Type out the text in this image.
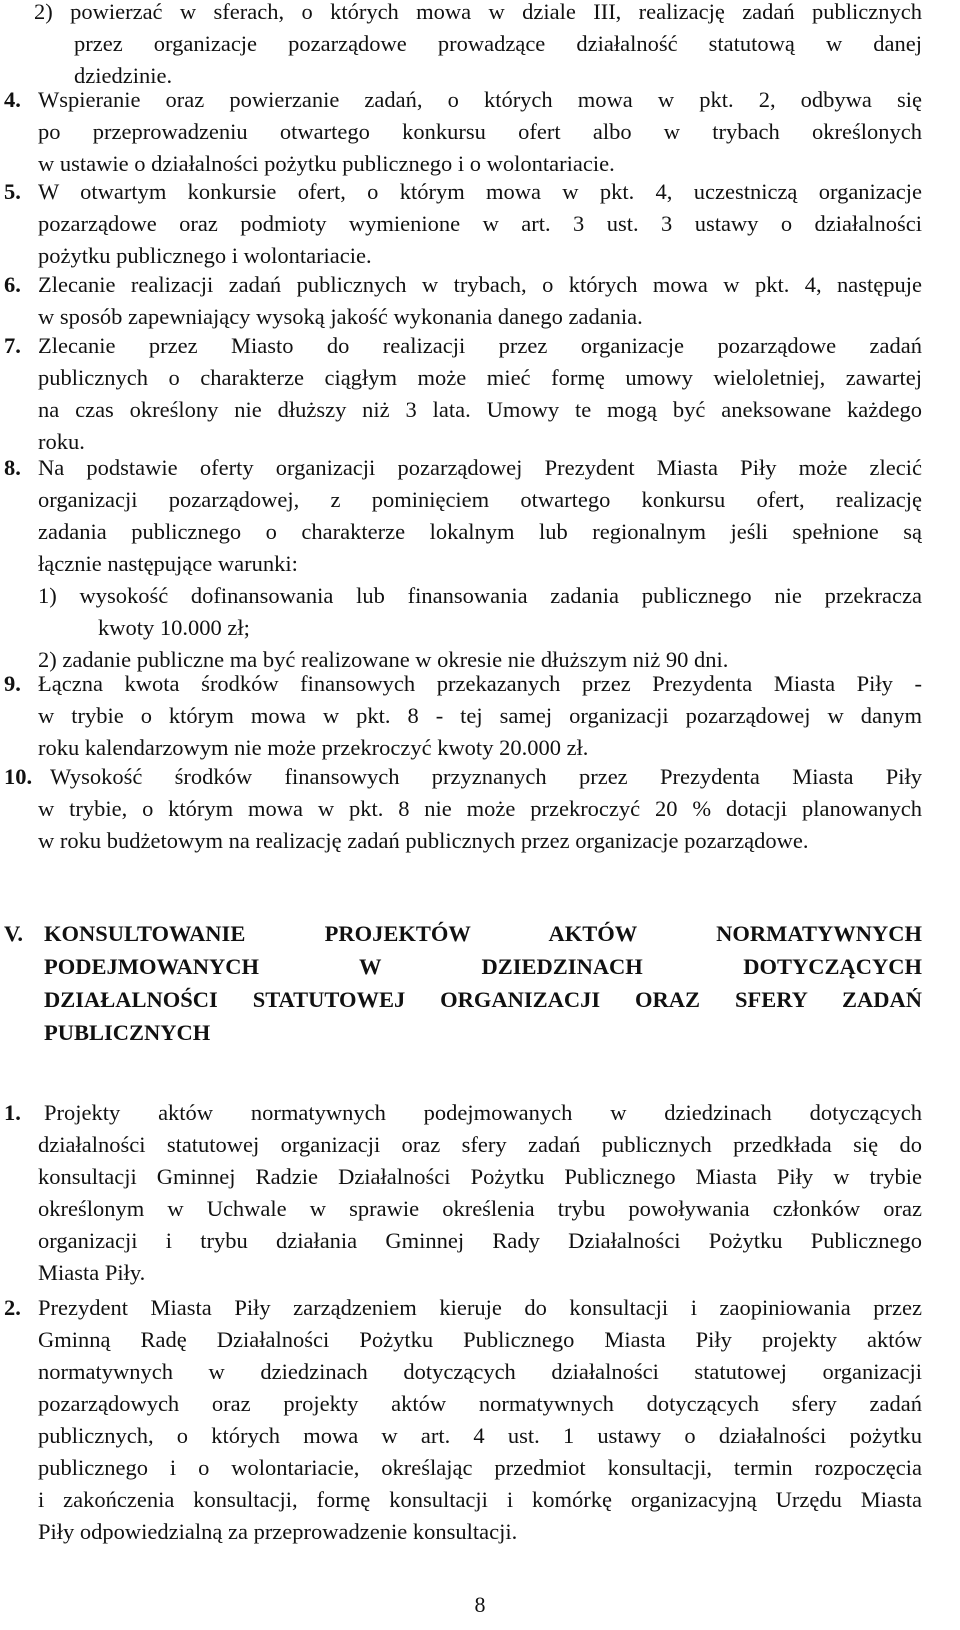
2) powierzać w sferach, o których mowa w dziale III, realizację zadań publicznych
przez organizacje pozarządowe prowadzące działalność statutową w danej
dziedzinie.
4. Wspieranie oraz powierzanie zadań, o których mowa w pkt. 2, odbywa się
po przeprowadzeniu otwartego konkursu ofert albo w trybach określonych
w ustawie o działalności pożytku publicznego i o wolontariacie.
5. W otwartym konkursie ofert, o którym mowa w pkt. 4, uczestniczą organizacje
pozarządowe oraz podmioty wymienione w art. 3 ust. 3 ustawy o działalności
pożytku publicznego i wolontariacie.
6. Zlecanie realizacji zadań publicznych w trybach, o których mowa w pkt. 4, następuje
w sposób zapewniający wysoką jakość wykonania danego zadania.
7. Zlecanie przez Miasto do realizacji przez organizacje pozarządowe zadań
publicznych o charakterze ciągłym może mieć formę umowy wieloletniej, zawartej
na czas określony nie dłuższy niż 3 lata. Umowy te mogą być aneksowane każdego
roku.
8. Na podstawie oferty organizacji pozarządowej Prezydent Miasta Piły może zlecić
organizacji pozarządowej, z pominięciem otwartego konkursu ofert, realizację
zadania publicznego o charakterze lokalnym lub regionalnym jeśli spełnione są
łącznie następujące warunki:
1) wysokość dofinansowania lub finansowania zadania publicznego nie przekracza
kwoty 10.000 zł;
2) zadanie publiczne ma być realizowane w okresie nie dłuższym niż 90 dni.
9. Łączna kwota środków finansowych przekazanych przez Prezydenta Miasta Piły -
w trybie o którym mowa w pkt. 8 - tej samej organizacji pozarządowej w danym
roku kalendarzowym nie może przekroczyć kwoty 20.000 zł.
10. Wysokość środków finansowych przyznanych przez Prezydenta Miasta Piły
w trybie, o którym mowa w pkt. 8 nie może przekroczyć 20 % dotacji planowanych
w roku budżetowym na realizację zadań publicznych przez organizacje pozarządowe.
V. KONSULTOWANIE PROJEKTÓW AKTÓW NORMATYWNYCH
PODEJMOWANYCH W DZIEDZINACH DOTYCZĄCYCH
DZIAŁALNOŚCI STATUTOWEJ ORGANIZACJI ORAZ SFERY ZADAŃ
PUBLICZNYCH
1. Projekty aktów normatywnych podejmowanych w dziedzinach dotyczących
działalności statutowej organizacji oraz sfery zadań publicznych przedkłada się do
konsultacji Gminnej Radzie Działalności Pożytku Publicznego Miasta Piły w trybie
określonym w Uchwale w sprawie określenia trybu powoływania członków oraz
organizacji i trybu działania Gminnej Rady Działalności Pożytku Publicznego
Miasta Piły.
2. Prezydent Miasta Piły zarządzeniem kieruje do konsultacji i zaopiniowania przez
Gminną Radę Działalności Pożytku Publicznego Miasta Piły projekty aktów
normatywnych w dziedzinach dotyczących działalności statutowej organizacji
pozarządowych oraz projekty aktów normatywnych dotyczących sfery zadań
publicznych, o których mowa w art. 4 ust. 1 ustawy o działalności pożytku
publicznego i o wolontariacie, określając przedmiot konsultacji, termin rozpoczęcia
i zakończenia konsultacji, formę konsultacji i komórkę organizacyjną Urzędu Miasta
Piły odpowiedzialną za przeprowadzenie konsultacji.
8
